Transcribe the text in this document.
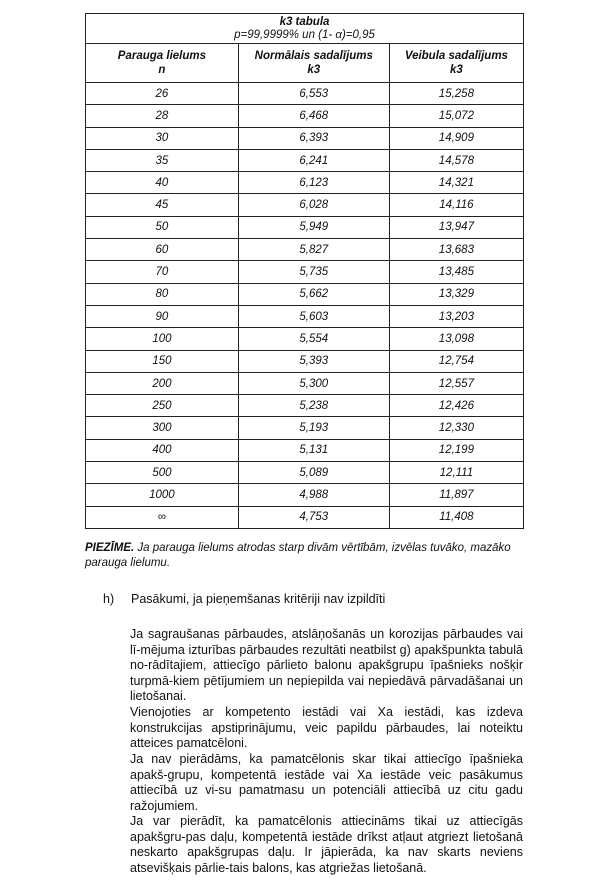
k3 tabula
p=99,9999% un (1- α)=0,95		

Parauga lielums
n

Normālais sadalījums
k3

Veibula sadalījums
k3

26	6,553	15,258
28	6,468	15,072
30	6,393	14,909
35	6,241	14,578
40	6,123	14,321
45	6,028	14,116
50	5,949	13,947
60	5,827	13,683
70	5,735	13,485
80	5,662	13,329
90	5,603	13,203
100	5,554	13,098
150	5,393	12,754
200	5,300	12,557
250	5,238	12,426
300	5,193	12,330
400	5,131	12,199
500	5,089	12,111
1000	4,988	11,897
∞	4,753	11,408
PIEZĪME. Ja parauga lielums atrodas starp divām vērtībām, izvēlas tuvāko, mazāko parauga lielumu.
h) Pasākumi, ja pieņemšanas kritēriji nav izpildīti
Ja sagraušanas pārbaudes, atslāņošanās un korozijas pārbaudes vai lī-mējuma izturības pārbaudes rezultāti neatbilst g) apakšpunkta tabulā no-rādītajiem, attiecīgo pārlieto balonu apakšgrupu īpašnieks nošķir turpmā-kiem pētījumiem un nepiepilda vai nepiedāvā pārvadāšanai un lietošanai.
Vienojoties ar kompetento iestādi vai Xa iestādi, kas izdeva konstrukcijas apstiprinājumu, veic papildu pārbaudes, lai noteiktu atteices pamatcēloni.
Ja nav pierādāms, ka pamatcēlonis skar tikai attiecīgo īpašnieka apakš-grupu, kompetentā iestāde vai Xa iestāde veic pasākumus attiecībā uz vi-su pamatmasu un potenciāli attiecībā uz citu gadu ražojumiem.
Ja var pierādīt, ka pamatcēlonis attiecināms tikai uz attiecīgās apakšgru-pas daļu, kompetentā iestāde drīkst atļaut atgriezt lietošanā neskarto apakšgrupas daļu. Ir jāpierāda, ka nav skarts neviens atsevišķais pārlie-tais balons, kas atgriežas lietošanā.
